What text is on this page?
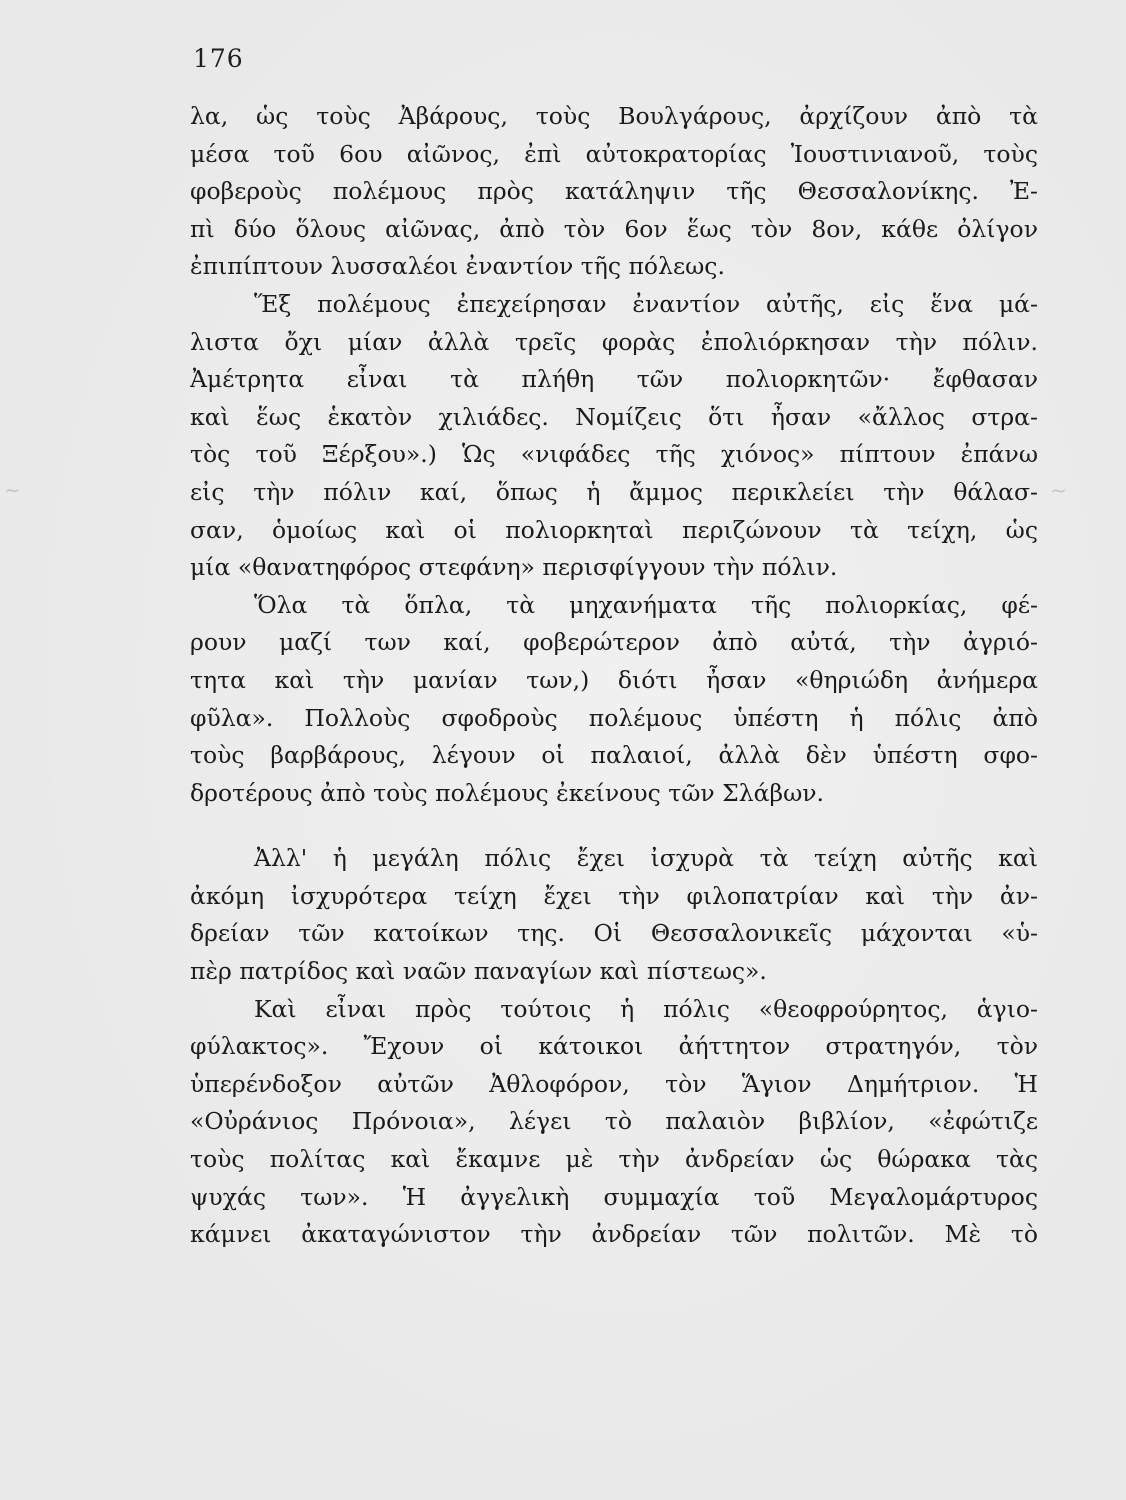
~	~
176
λα, ὡς τοὺς Ἀβάρους, τοὺς Βουλγάρους, ἀρχίζουν ἀπὸ τὰ
μέσα τοῦ 6ου αἰῶνος, ἐπὶ αὐτοκρατορίας Ἰουστινιανοῦ, τοὺς
φοβεροὺς πολέμους πρὸς κατάληψιν τῆς Θεσσαλονίκης. Ἐ-
πὶ δύο ὅλους αἰῶνας, ἀπὸ τὸν 6ον ἕως τὸν 8ον, κάθε ὀλίγον
ἐπιπίπτουν λυσσαλέοι ἐναντίον τῆς πόλεως.
Ἕξ πολέμους ἐπεχείρησαν ἐναντίον αὐτῆς, εἰς ἕνα μά-
λιστα ὄχι μίαν ἀλλὰ τρεῖς φορὰς ἐπολιόρκησαν τὴν πόλιν.
Ἀμέτρητα εἶναι τὰ πλήθη τῶν πολιορκητῶν· ἔφθασαν
καὶ ἕως ἑκατὸν χιλιάδες. Νομίζεις ὅτι ἦσαν «ἄλλος στρα-
τὸς τοῦ Ξέρξου».) Ὡς «νιφάδες τῆς χιόνος» πίπτουν ἐπάνω
εἰς τὴν πόλιν καί, ὅπως ἡ ἄμμος περικλείει τὴν θάλασ-
σαν, ὁμοίως καὶ οἱ πολιορκηταὶ περιζώνουν τὰ τείχη, ὡς
μία «θανατηφόρος στεφάνη» περισφίγγουν τὴν πόλιν.
Ὅλα τὰ ὅπλα, τὰ μηχανήματα τῆς πολιορκίας, φέ-
ρουν μαζί των καί, φοβερώτερον ἀπὸ αὐτά, τὴν ἀγριό-
τητα καὶ τὴν μανίαν των,) διότι ἦσαν «θηριώδη ἀνήμερα
φῦλα». Πολλοὺς σφοδροὺς πολέμους ὑπέστη ἡ πόλις ἀπὸ
τοὺς βαρβάρους, λέγουν οἱ παλαιοί, ἀλλὰ δὲν ὑπέστη σφο-
δροτέρους ἀπὸ τοὺς πολέμους ἐκείνους τῶν Σλάβων.
Ἀλλ' ἡ μεγάλη πόλις ἔχει ἰσχυρὰ τὰ τείχη αὐτῆς καὶ
ἀκόμη ἰσχυρότερα τείχη ἔχει τὴν φιλοπατρίαν καὶ τὴν ἀν-
δρείαν τῶν κατοίκων της. Οἱ Θεσσαλονικεῖς μάχονται «ὑ-
πὲρ πατρίδος καὶ ναῶν παναγίων καὶ πίστεως».
Καὶ εἶναι πρὸς τούτοις ἡ πόλις «θεοφρούρητος, ἁγιο-
φύλακτος». Ἔχουν οἱ κάτοικοι ἀήττητον στρατηγόν, τὸν
ὑπερένδοξον αὐτῶν Ἀθλοφόρον, τὸν Ἅγιον Δημήτριον. Ἡ
«Οὐράνιος Πρόνοια», λέγει τὸ παλαιὸν βιβλίον, «ἐφώτιζε
τοὺς πολίτας καὶ ἔκαμνε μὲ τὴν ἀνδρείαν ὡς θώρακα τὰς
ψυχάς των». Ἡ ἀγγελικὴ συμμαχία τοῦ Μεγαλομάρτυρος
κάμνει ἀκαταγώνιστον τὴν ἀνδρείαν τῶν πολιτῶν. Μὲ τὸ
